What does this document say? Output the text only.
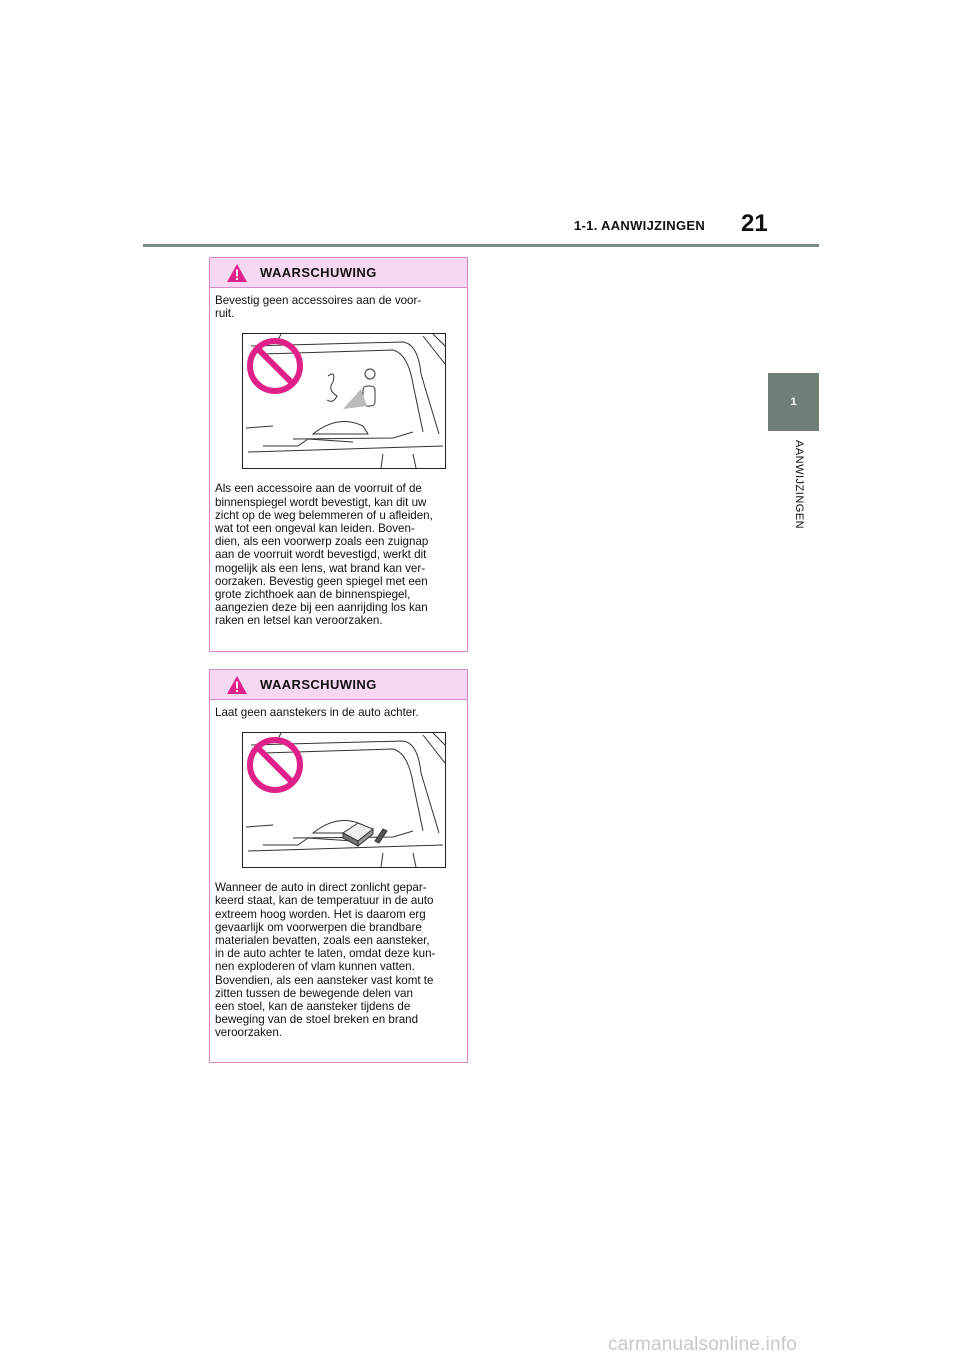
1-1. AANWIJZINGEN 21
1
AANWIJZINGEN
WAARSCHUWING

Bevestig geen accessoires aan de voor-
ruit.

Als een accessoire aan de voorruit of de
binnenspiegel wordt bevestigt, kan dit uw
zicht op de weg belemmeren of u afleiden,
wat tot een ongeval kan leiden. Boven-
dien, als een voorwerp zoals een zuignap
aan de voorruit wordt bevestigd, werkt dit
mogelijk als een lens, wat brand kan ver-
oorzaken. Bevestig geen spiegel met een
grote zichthoek aan de binnenspiegel,
aangezien deze bij een aanrijding los kan
raken en letsel kan veroorzaken.

WAARSCHUWING

Laat geen aanstekers in de auto achter.

Wanneer de auto in direct zonlicht gepar-
keerd staat, kan de temperatuur in de auto
extreem hoog worden. Het is daarom erg
gevaarlijk om voorwerpen die brandbare
materialen bevatten, zoals een aansteker,
in de auto achter te laten, omdat deze kun-
nen exploderen of vlam kunnen vatten.
Bovendien, als een aansteker vast komt te
zitten tussen de bewegende delen van
een stoel, kan de aansteker tijdens de
beweging van de stoel breken en brand
veroorzaken.

carmanualsonline.info
